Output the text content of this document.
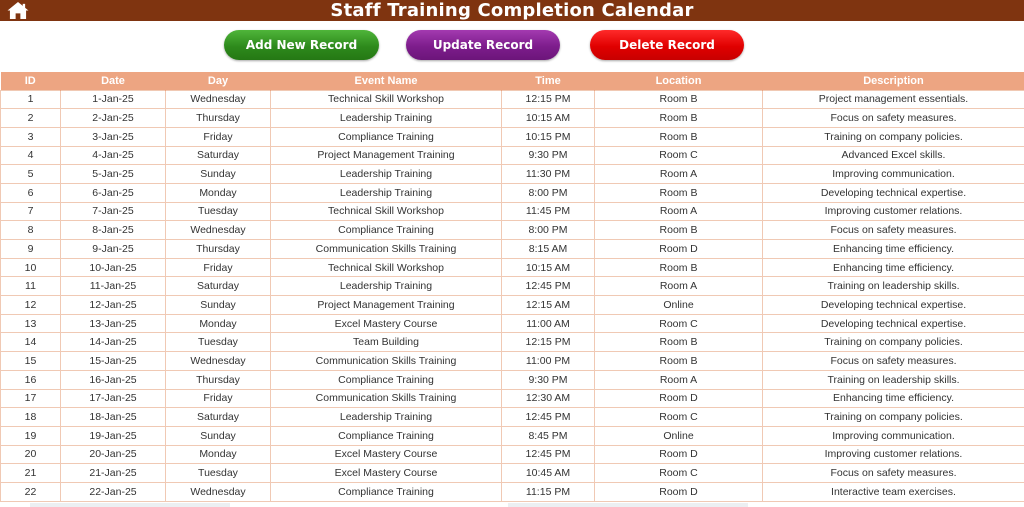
Staff Training Completion Calendar
Add New Record	Update Record	Delete Record
ID	Date	Day	Event Name	Time	Location	Description
1	1-Jan-25	Wednesday	Technical Skill Workshop	12:15 PM	Room B	Project management essentials.
2	2-Jan-25	Thursday	Leadership Training	10:15 AM	Room B	Focus on safety measures.
3	3-Jan-25	Friday	Compliance Training	10:15 PM	Room B	Training on company policies.
4	4-Jan-25	Saturday	Project Management Training	9:30 PM	Room C	Advanced Excel skills.
5	5-Jan-25	Sunday	Leadership Training	11:30 PM	Room A	Improving communication.
6	6-Jan-25	Monday	Leadership Training	8:00 PM	Room B	Developing technical expertise.
7	7-Jan-25	Tuesday	Technical Skill Workshop	11:45 PM	Room A	Improving customer relations.
8	8-Jan-25	Wednesday	Compliance Training	8:00 PM	Room B	Focus on safety measures.
9	9-Jan-25	Thursday	Communication Skills Training	8:15 AM	Room D	Enhancing time efficiency.
10	10-Jan-25	Friday	Technical Skill Workshop	10:15 AM	Room B	Enhancing time efficiency.
11	11-Jan-25	Saturday	Leadership Training	12:45 PM	Room A	Training on leadership skills.
12	12-Jan-25	Sunday	Project Management Training	12:15 AM	Online	Developing technical expertise.
13	13-Jan-25	Monday	Excel Mastery Course	11:00 AM	Room C	Developing technical expertise.
14	14-Jan-25	Tuesday	Team Building	12:15 PM	Room B	Training on company policies.
15	15-Jan-25	Wednesday	Communication Skills Training	11:00 PM	Room B	Focus on safety measures.
16	16-Jan-25	Thursday	Compliance Training	9:30 PM	Room A	Training on leadership skills.
17	17-Jan-25	Friday	Communication Skills Training	12:30 AM	Room D	Enhancing time efficiency.
18	18-Jan-25	Saturday	Leadership Training	12:45 PM	Room C	Training on company policies.
19	19-Jan-25	Sunday	Compliance Training	8:45 PM	Online	Improving communication.
20	20-Jan-25	Monday	Excel Mastery Course	12:45 PM	Room D	Improving customer relations.
21	21-Jan-25	Tuesday	Excel Mastery Course	10:45 AM	Room C	Focus on safety measures.
22	22-Jan-25	Wednesday	Compliance Training	11:15 PM	Room D	Interactive team exercises.
